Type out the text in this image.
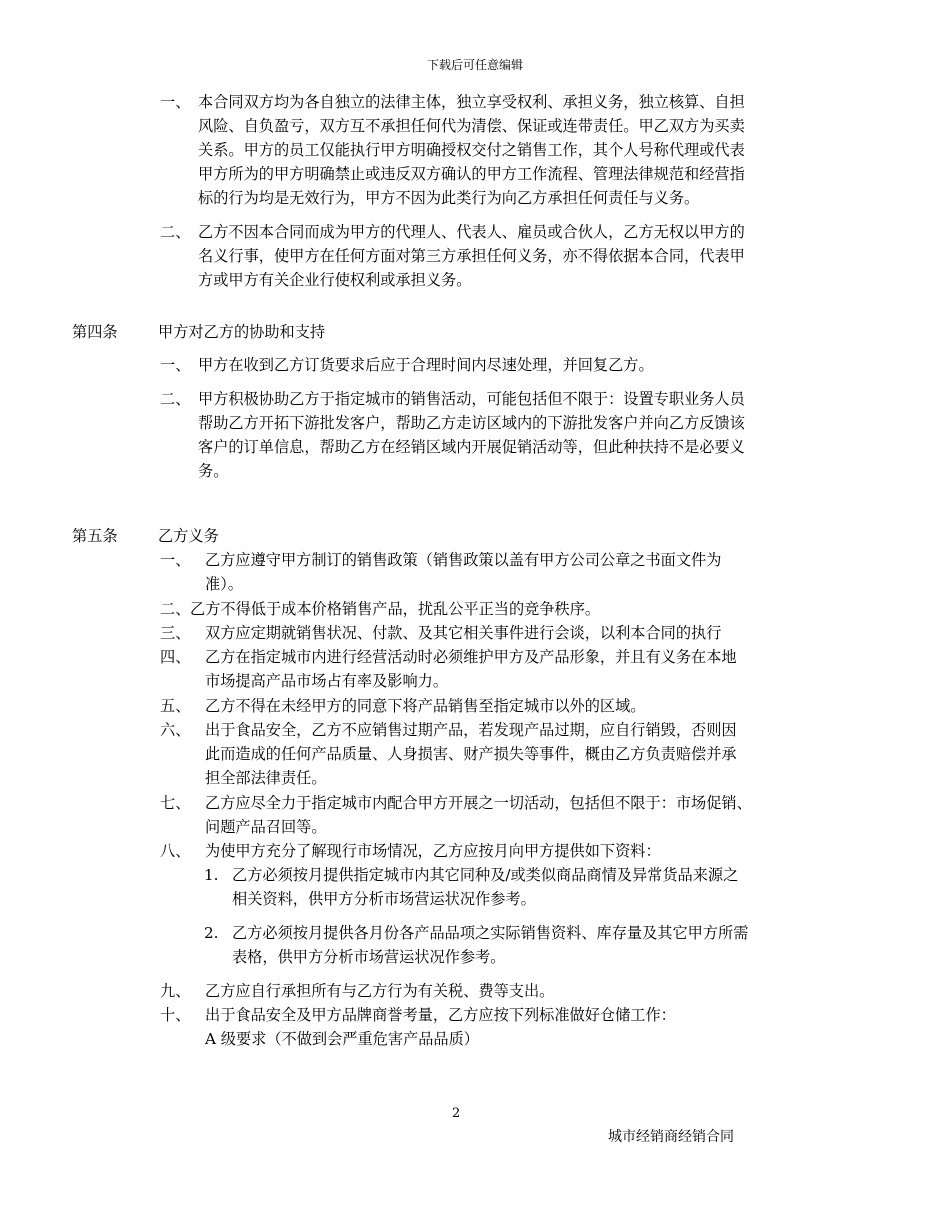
下载后可任意编辑
一、 本合同双方均为各自独立的法律主体，独立享受权利、承担义务，独立核算、自担
风险、自负盈亏，双方互不承担任何代为清偿、保证或连带责任。甲乙双方为买卖
关系。甲方的员工仅能执行甲方明确授权交付之销售工作，其个人号称代理或代表
甲方所为的甲方明确禁止或违反双方确认的甲方工作流程、管理法律规范和经营指
标的行为均是无效行为，甲方不因为此类行为向乙方承担任何责任与义务。
二、 乙方不因本合同而成为甲方的代理人、代表人、雇员或合伙人，乙方无权以甲方的
名义行事，使甲方在任何方面对第三方承担任何义务，亦不得依据本合同，代表甲
方或甲方有关企业行使权利或承担义务。
第四条	甲方对乙方的协助和支持
一、 甲方在收到乙方订货要求后应于合理时间内尽速处理，并回复乙方。
二、 甲方积极协助乙方于指定城市的销售活动，可能包括但不限于：设置专职业务人员
帮助乙方开拓下游批发客户，帮助乙方走访区域内的下游批发客户并向乙方反馈该
客户的订单信息，帮助乙方在经销区域内开展促销活动等，但此种扶持不是必要义
务。
第五条	乙方义务
一、 乙方应遵守甲方制订的销售政策（销售政策以盖有甲方公司公章之书面文件为
准）。
二、 乙方不得低于成本价格销售产品，扰乱公平正当的竞争秩序。
三、 双方应定期就销售状况、付款、及其它相关事件进行会谈，以利本合同的执行
四、 乙方在指定城市内进行经营活动时必须维护甲方及产品形象，并且有义务在本地
市场提高产品市场占有率及影响力。
五、 乙方不得在未经甲方的同意下将产品销售至指定城市以外的区域。
六、 出于食品安全，乙方不应销售过期产品，若发现产品过期，应自行销毁，否则因
此而造成的任何产品质量、人身损害、财产损失等事件，概由乙方负责赔偿并承
担全部法律责任。
七、 乙方应尽全力于指定城市内配合甲方开展之一切活动，包括但不限于：市场促销、
问题产品召回等。
八、 为使甲方充分了解现行市场情况，乙方应按月向甲方提供如下资料：
1. 乙方必须按月提供指定城市内其它同种及/或类似商品商情及异常货品来源之
相关资料，供甲方分析市场营运状况作参考。
2. 乙方必须按月提供各月份各产品品项之实际销售资料、库存量及其它甲方所需
表格，供甲方分析市场营运状况作参考。
九、 乙方应自行承担所有与乙方行为有关税、费等支出。
十、 出于食品安全及甲方品牌商誉考量，乙方应按下列标准做好仓储工作：
A 级要求（不做到会严重危害产品品质）
2
城市经销商经销合同
